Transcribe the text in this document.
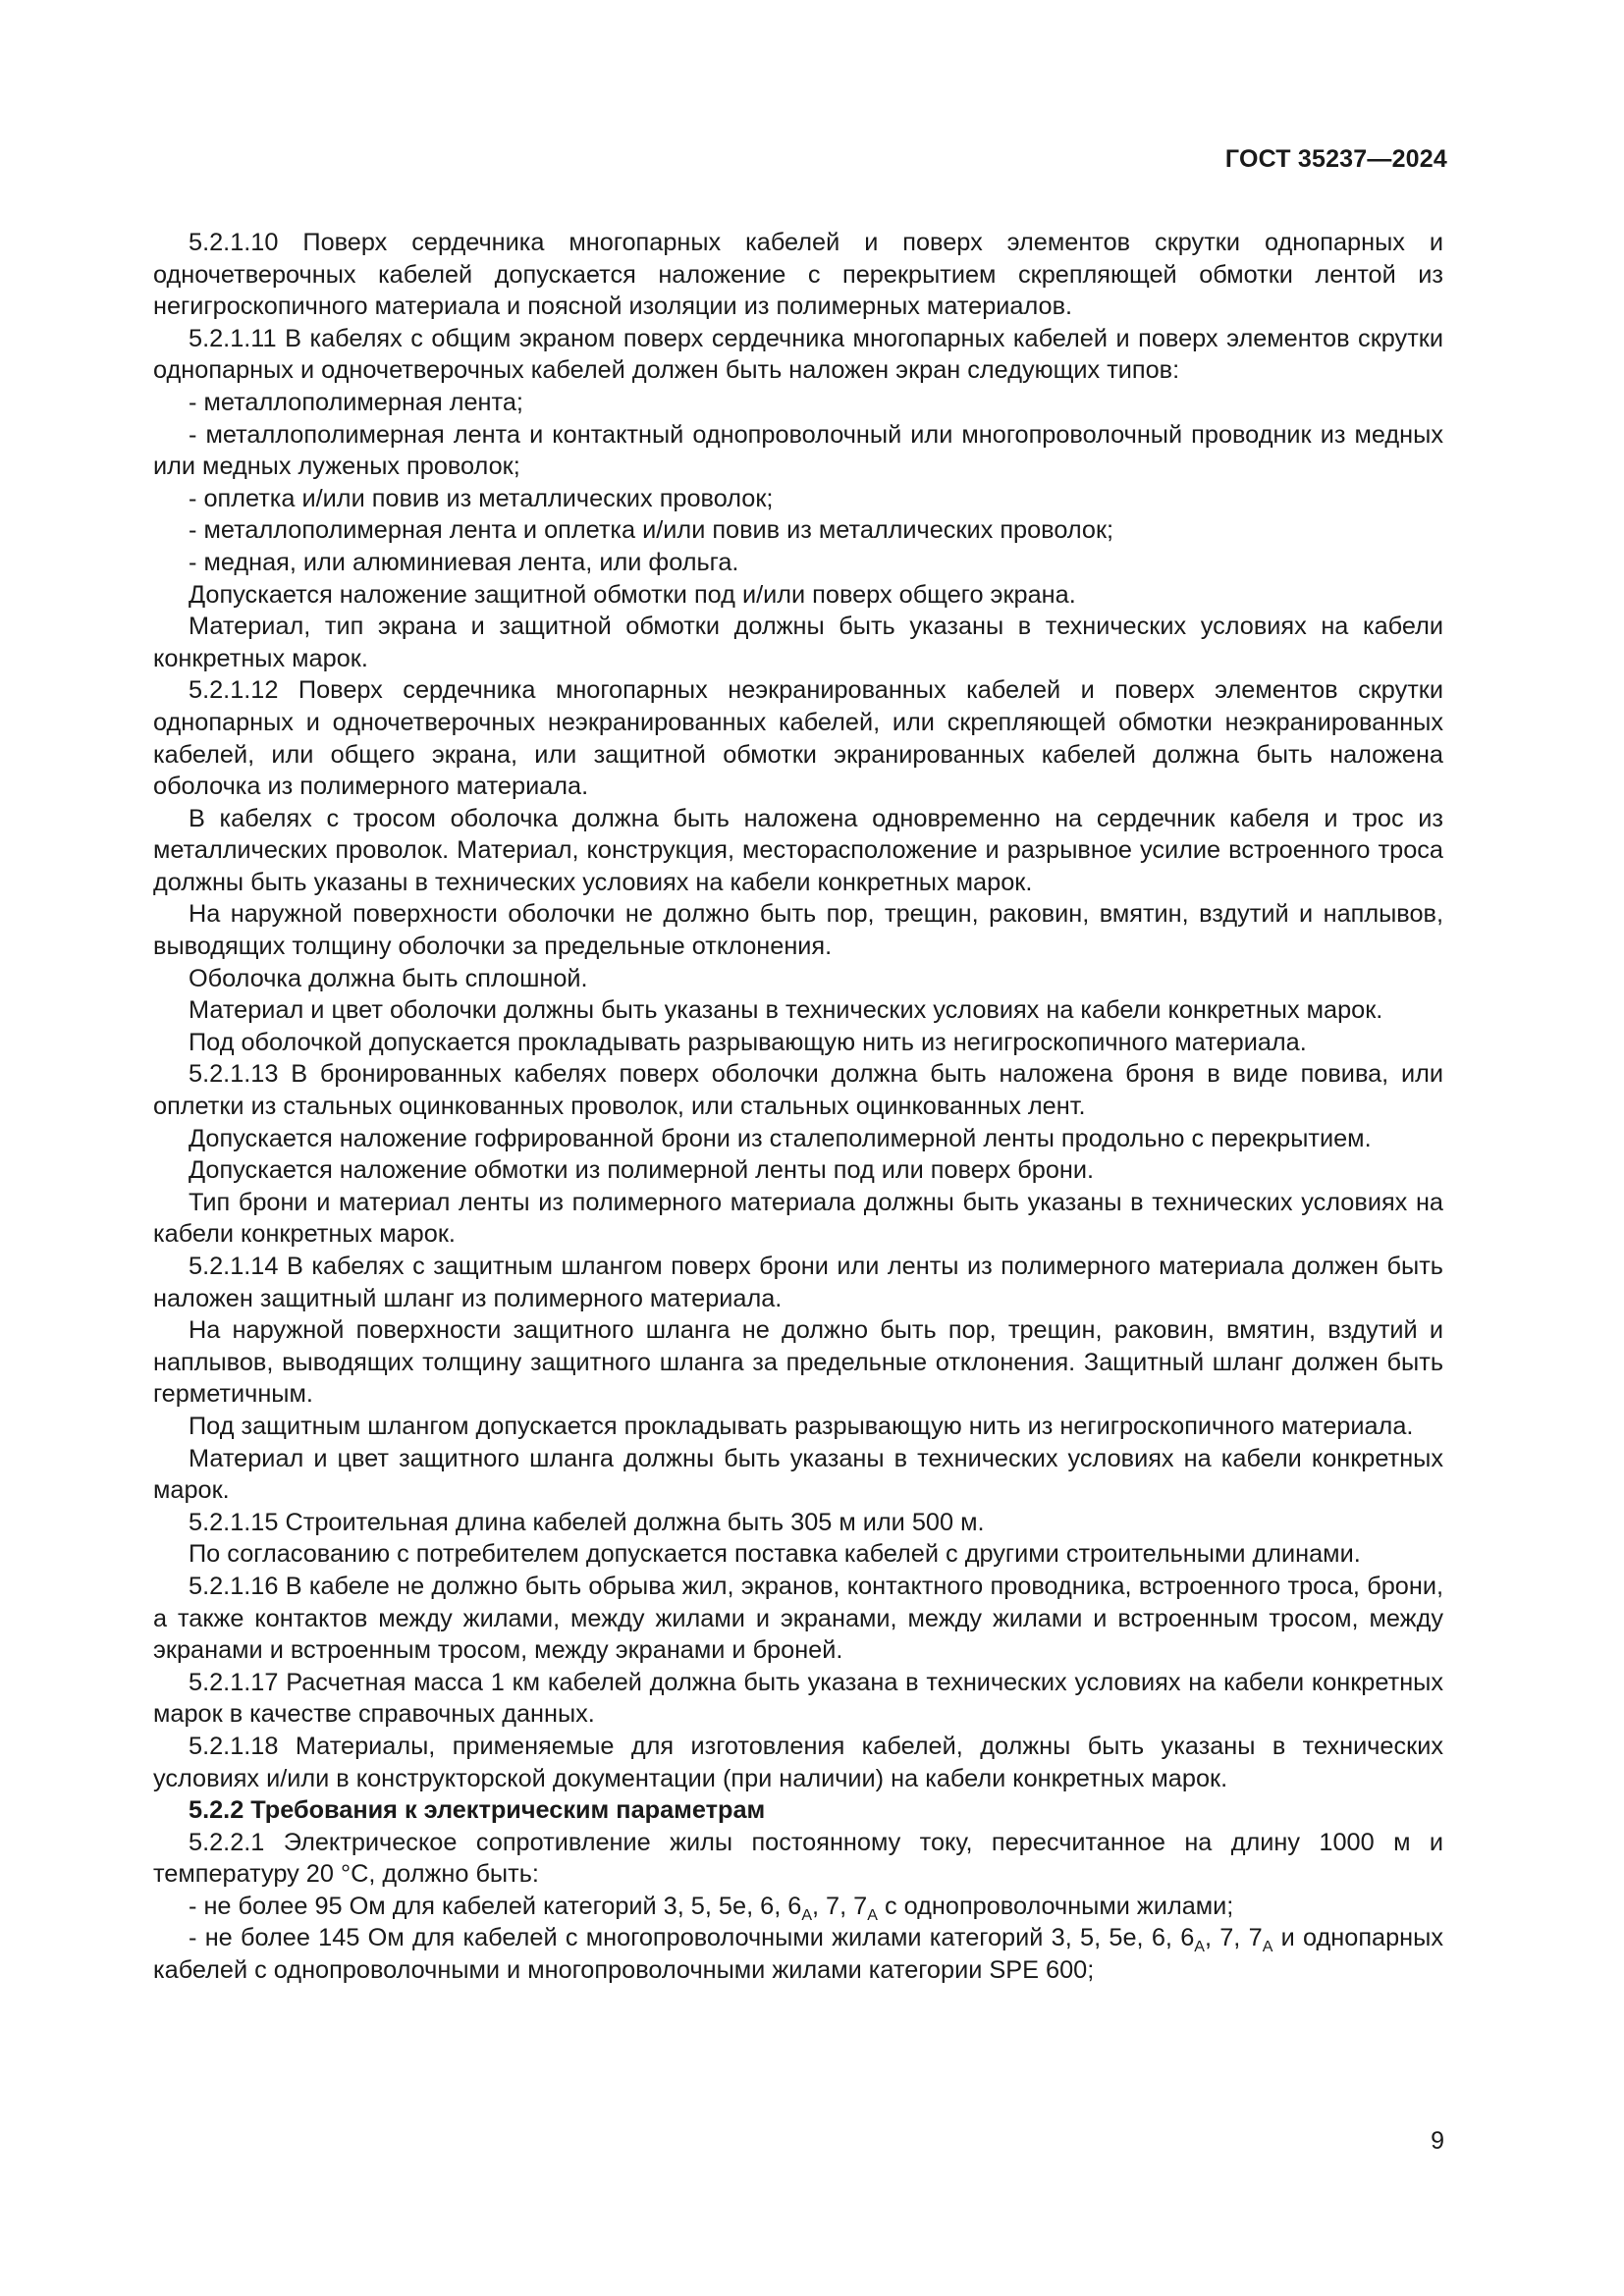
ГОСТ 35237—2024

5.2.1.10 Поверх сердечника многопарных кабелей и поверх элементов скрутки однопарных и одночетверочных кабелей допускается наложение с перекрытием скрепляющей обмотки лентой из негигроскопичного материала и поясной изоляции из полимерных материалов.

5.2.1.11 В кабелях с общим экраном поверх сердечника многопарных кабелей и поверх элементов скрутки однопарных и одночетверочных кабелей должен быть наложен экран следующих типов:

- металлополимерная лента;

- металлополимерная лента и контактный однопроволочный или многопроволочный проводник из медных или медных луженых проволок;

- оплетка и/или повив из металлических проволок;

- металлополимерная лента и оплетка и/или повив из металлических проволок;

- медная, или алюминиевая лента, или фольга.

Допускается наложение защитной обмотки под и/или поверх общего экрана.

Материал, тип экрана и защитной обмотки должны быть указаны в технических условиях на кабели конкретных марок.

5.2.1.12 Поверх сердечника многопарных неэкранированных кабелей и поверх элементов скрутки однопарных и одночетверочных неэкранированных кабелей, или скрепляющей обмотки неэкранированных кабелей, или общего экрана, или защитной обмотки экранированных кабелей должна быть наложена оболочка из полимерного материала.

В кабелях с тросом оболочка должна быть наложена одновременно на сердечник кабеля и трос из металлических проволок. Материал, конструкция, месторасположение и разрывное усилие встроенного троса должны быть указаны в технических условиях на кабели конкретных марок.

На наружной поверхности оболочки не должно быть пор, трещин, раковин, вмятин, вздутий и наплывов, выводящих толщину оболочки за предельные отклонения.

Оболочка должна быть сплошной.

Материал и цвет оболочки должны быть указаны в технических условиях на кабели конкретных марок.

Под оболочкой допускается прокладывать разрывающую нить из негигроскопичного материала.

5.2.1.13 В бронированных кабелях поверх оболочки должна быть наложена броня в виде повива, или оплетки из стальных оцинкованных проволок, или стальных оцинкованных лент.

Допускается наложение гофрированной брони из сталеполимерной ленты продольно с перекрытием.

Допускается наложение обмотки из полимерной ленты под или поверх брони.

Тип брони и материал ленты из полимерного материала должны быть указаны в технических условиях на кабели конкретных марок.

5.2.1.14 В кабелях с защитным шлангом поверх брони или ленты из полимерного материала должен быть наложен защитный шланг из полимерного материала.

На наружной поверхности защитного шланга не должно быть пор, трещин, раковин, вмятин, вздутий и наплывов, выводящих толщину защитного шланга за предельные отклонения. Защитный шланг должен быть герметичным.

Под защитным шлангом допускается прокладывать разрывающую нить из негигроскопичного материала.

Материал и цвет защитного шланга должны быть указаны в технических условиях на кабели конкретных марок.

5.2.1.15 Строительная длина кабелей должна быть 305 м или 500 м.

По согласованию с потребителем допускается поставка кабелей с другими строительными длинами.

5.2.1.16 В кабеле не должно быть обрыва жил, экранов, контактного проводника, встроенного троса, брони, а также контактов между жилами, между жилами и экранами, между жилами и встроенным тросом, между экранами и встроенным тросом, между экранами и броней.

5.2.1.17 Расчетная масса 1 км кабелей должна быть указана в технических условиях на кабели конкретных марок в качестве справочных данных.

5.2.1.18 Материалы, применяемые для изготовления кабелей, должны быть указаны в технических условиях и/или в конструкторской документации (при наличии) на кабели конкретных марок.

5.2.2 Требования к электрическим параметрам

5.2.2.1 Электрическое сопротивление жилы постоянному току, пересчитанное на длину 1000 м и температуру 20 °C, должно быть:

- не более 95 Ом для кабелей категорий 3, 5, 5е, 6, $6_A$, 7, $7_A$ с однопроволочными жилами;

- не более 145 Ом для кабелей с многопроволочными жилами категорий 3, 5, 5е, 6, $6_A$, 7, $7_A$ и однопарных кабелей с однопроволочными и многопроволочными жилами категории SPE 600;

9
